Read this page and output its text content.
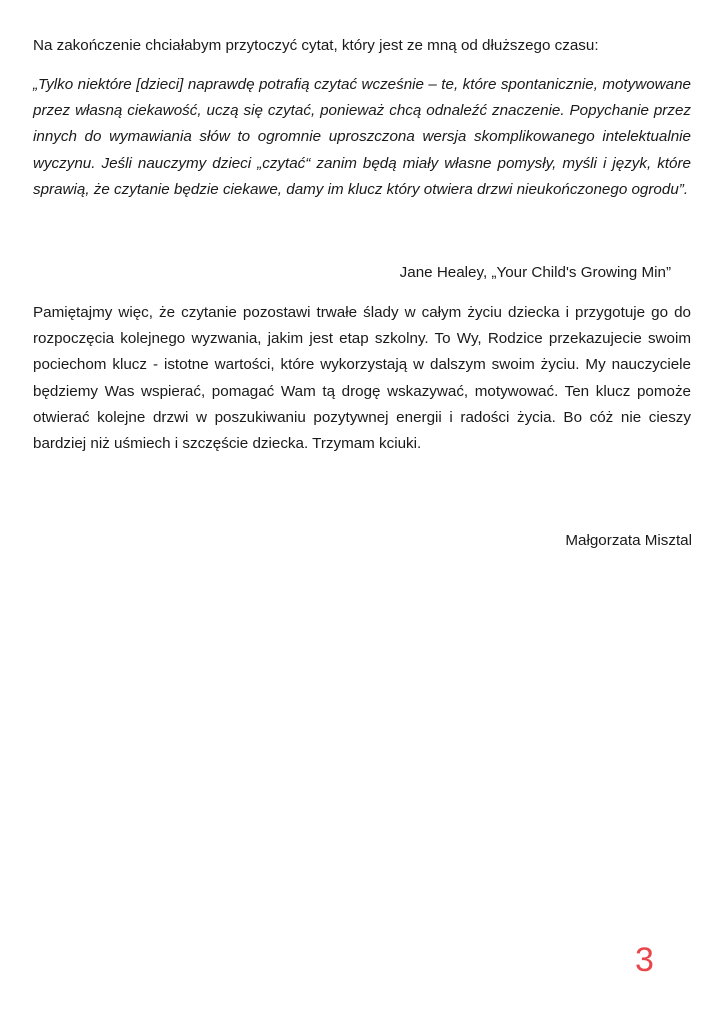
Na zakończenie chciałabym przytoczyć cytat, który jest ze mną od dłuższego czasu:
„Tylko niektóre [dzieci] naprawdę potrafią czytać wcześnie – te, które spontanicznie, motywowane przez własną ciekawość, uczą się czytać, ponieważ chcą odnaleźć znaczenie. Popychanie przez innych do wymawiania słów to ogromnie uproszczona wersja skomplikowanego intelektualnie wyczynu. Jeśli nauczymy dzieci „czytać“ zanim będą miały własne pomysły, myśli i język, które sprawią, że czytanie będzie ciekawe, damy im klucz który otwiera drzwi nieukończonego ogrodu”.
Jane Healey, „Your Child's Growing Min”
Pamiętajmy więc, że czytanie pozostawi trwałe ślady w całym życiu dziecka i przygotuje go do rozpoczęcia kolejnego wyzwania, jakim jest etap szkolny. To Wy, Rodzice przekazujecie swoim pociechom klucz - istotne wartości, które wykorzystają w dalszym swoim życiu. My nauczyciele będziemy Was wspierać, pomagać Wam tą drogę wskazywać, motywować. Ten klucz pomoże otwierać kolejne drzwi w poszukiwaniu pozytywnej energii i radości życia. Bo cóż nie cieszy bardziej niż uśmiech i szczęście dziecka. Trzymam kciuki.
Małgorzata Misztal
3
